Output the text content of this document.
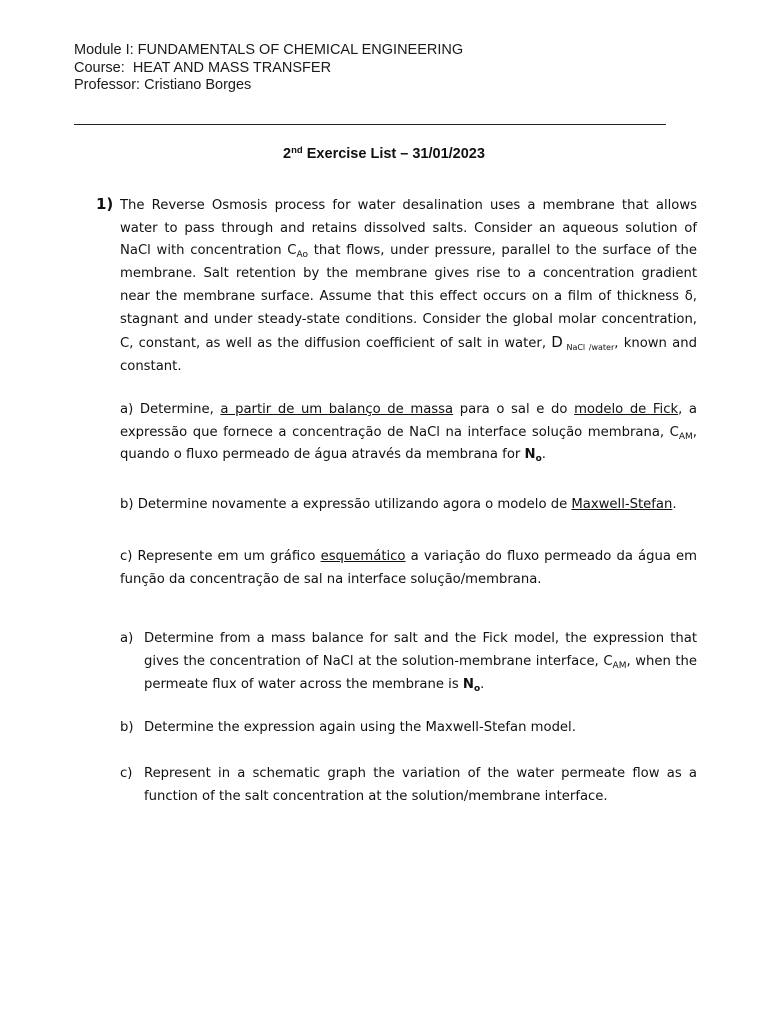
Module I: FUNDAMENTALS OF CHEMICAL ENGINEERING
Course:  HEAT AND MASS TRANSFER
Professor: Cristiano Borges
2nd Exercise List – 31/01/2023
1) The Reverse Osmosis process for water desalination uses a membrane that allows water to pass through and retains dissolved salts. Consider an aqueous solution of NaCl with concentration $C_{Ao}$ that flows, under pressure, parallel to the surface of the membrane. Salt retention by the membrane gives rise to a concentration gradient near the membrane surface. Assume that this effect occurs on a film of thickness δ, stagnant and under steady-state conditions. Consider the global molar concentration, C, constant, as well as the diffusion coefficient of salt in water, D $_{NaCl /water}$, known and constant.
a) Determine, a partir de um balanço de massa para o sal e do modelo de Fick, a expressão que fornece a concentração de NaCl na interface solução membrana, $C_{AM}$, quando o fluxo permeado de água através da membrana for $N_o$.
b) Determine novamente a expressão utilizando agora o modelo de Maxwell-Stefan.
c) Represente em um gráfico esquemático a variação do fluxo permeado da água em função da concentração de sal na interface solução/membrana.
a) Determine from a mass balance for salt and the Fick model, the expression that gives the concentration of NaCl at the solution-membrane interface, $C_{AM}$, when the permeate flux of water across the membrane is $N_o$.
b) Determine the expression again using the Maxwell-Stefan model.
c) Represent in a schematic graph the variation of the water permeate flow as a function of the salt concentration at the solution/membrane interface.
